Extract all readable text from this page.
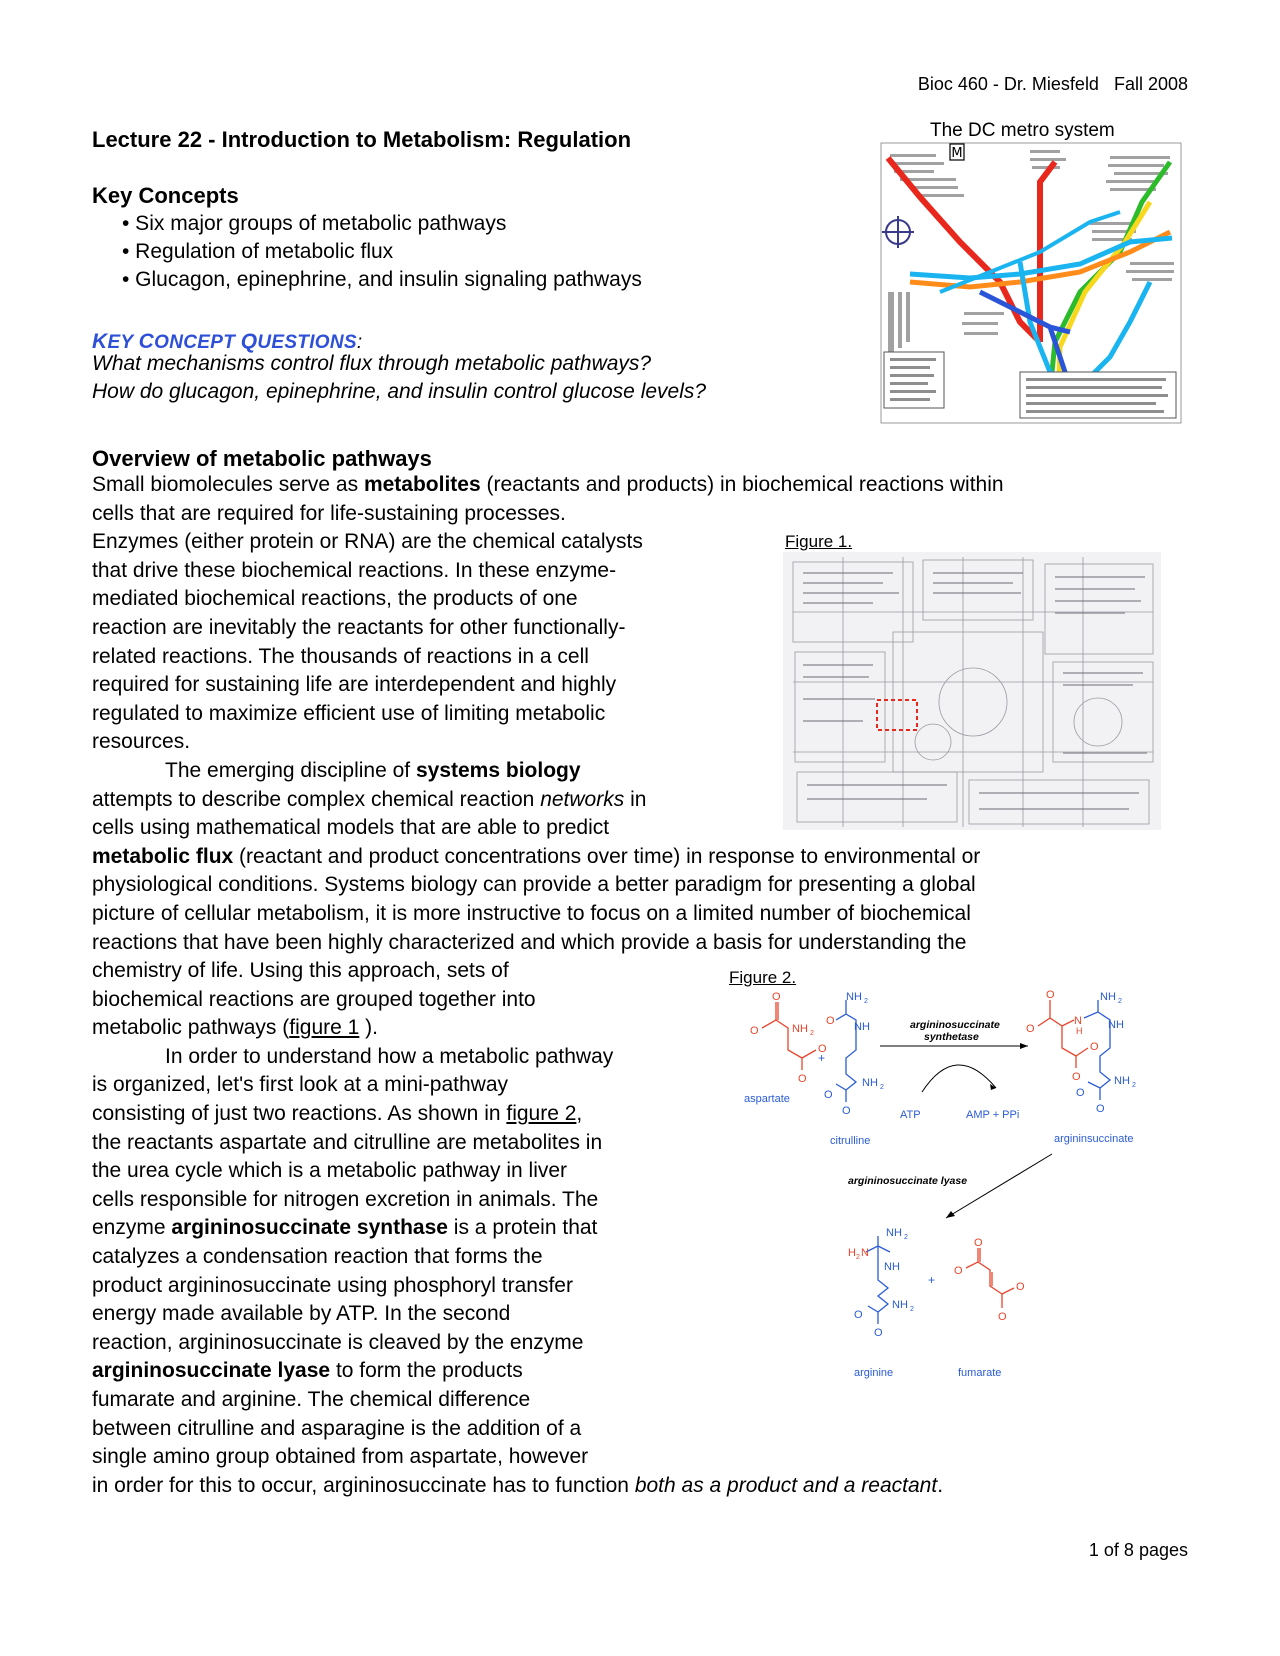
Bioc 460 - Dr. Miesfeld   Fall 2008
Lecture 22 - Introduction to Metabolism: Regulation
Key Concepts
• Six major groups of metabolic pathways
• Regulation of metabolic flux
• Glucagon, epinephrine, and insulin signaling pathways
KEY CONCEPT QUESTIONS:
What mechanisms control flux through metabolic pathways?
How do glucagon, epinephrine, and insulin control glucose levels?
The DC metro system
M
Overview of metabolic pathways

Small biomolecules serve as metabolites (reactants and products) in biochemical reactions within

cells that are required for life-sustaining processes.

Enzymes (either protein or RNA) are the chemical catalysts

that drive these biochemical reactions. In these enzyme-

mediated biochemical reactions, the products of one

reaction are inevitably the reactants for other functionally-

related reactions. The thousands of reactions in a cell

required for sustaining life are interdependent and highly

regulated to maximize efficient use of limiting metabolic

resources.

The emerging discipline of systems biology

attempts to describe complex chemical reaction networks in

cells using mathematical models that are able to predict

metabolic flux (reactant and product concentrations over time) in response to environmental or

physiological conditions. Systems biology can provide a better paradigm for presenting a global

picture of cellular metabolism, it is more instructive to focus on a limited number of biochemical

reactions that have been highly characterized and which provide a basis for understanding the

chemistry of life. Using this approach, sets of

biochemical reactions are grouped together into

metabolic pathways (figure 1 ).

In order to understand how a metabolic pathway

is organized, let's first look at a mini-pathway

consisting of just two reactions. As shown in figure 2,

the reactants aspartate and citrulline are metabolites in

the urea cycle which is a metabolic pathway in liver

cells responsible for nitrogen excretion in animals. The

enzyme argininosuccinate synthase is a protein that

catalyzes a condensation reaction that forms the

product argininosuccinate using phosphoryl transfer

energy made available by ATP. In the second

reaction, argininosuccinate is cleaved by the enzyme

argininosuccinate lyase to form the products

fumarate and arginine. The chemical difference

between citrulline and asparagine is the addition of a

single amino group obtained from aspartate, however

in order for this to occur, argininosuccinate has to function both as a product and a reactant.

Figure 1.
Figure 2.
O
O	NH 2
O
O
aspartate
+
O
NH 2
NH
NH 2
O
O
citrulline
argininosuccinate
synthetase
ATP	AMP + PPi
O
O
O
O
N
H
NH 2
NH
NH 2
O
O
argininsuccinate
argininosuccinate lyase
NH 2
H 2 N
NH
NH 2
O
O
arginine
+
O
O
O
O
fumarate
1 of 8 pages
